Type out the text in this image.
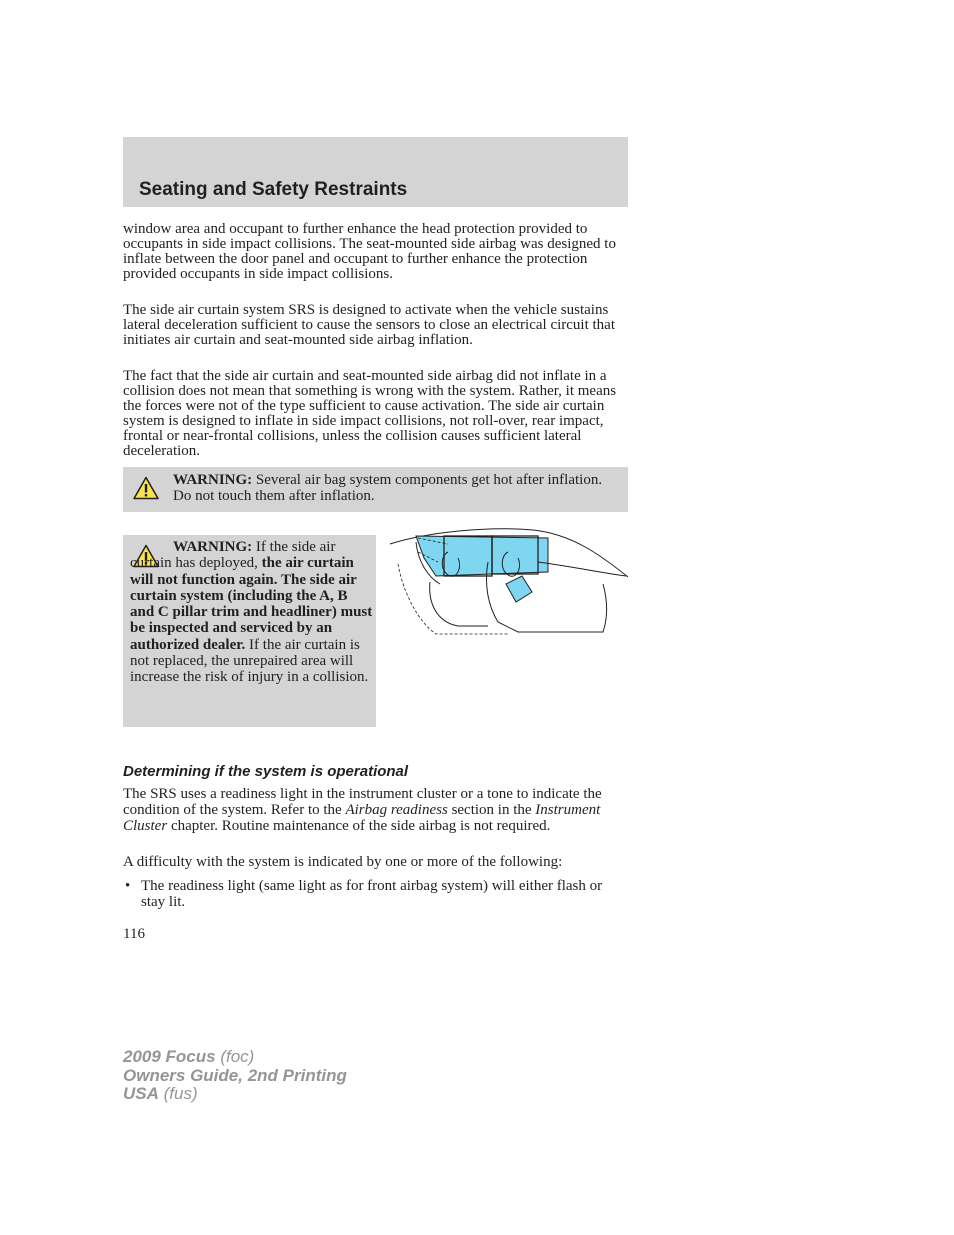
Seating and Safety Restraints

window area and occupant to further enhance the head protection provided to occupants in side impact collisions. The seat-mounted side airbag was designed to inflate between the door panel and occupant to further enhance the protection provided occupants in side impact collisions.

The side air curtain system SRS is designed to activate when the vehicle sustains lateral deceleration sufficient to cause the sensors to close an electrical circuit that initiates air curtain and seat-mounted side airbag inflation.

The fact that the side air curtain and seat-mounted side airbag did not inflate in a collision does not mean that something is wrong with the system. Rather, it means the forces were not of the type sufficient to cause activation. The side air curtain system is designed to inflate in side impact collisions, not roll-over, rear impact, frontal or near-frontal collisions, unless the collision causes sufficient lateral deceleration.

WARNING: Several air bag system components get hot after inflation. Do not touch them after inflation.
WARNING: If the side air curtain has deployed, the air curtain will not function again. The side air curtain system (including the A, B and C pillar trim and headliner) must be inspected and serviced by an authorized dealer. If the air curtain is not replaced, the unrepaired area will increase the risk of injury in a collision.
Determining if the system is operational

The SRS uses a readiness light in the instrument cluster or a tone to indicate the condition of the system. Refer to the Airbag readiness section in the Instrument Cluster chapter. Routine maintenance of the side airbag is not required.

A difficulty with the system is indicated by one or more of the following:

• The readiness light (same light as for front airbag system) will either flash or stay lit.
116
2009 Focus (foc)
Owners Guide, 2nd Printing
USA (fus)
